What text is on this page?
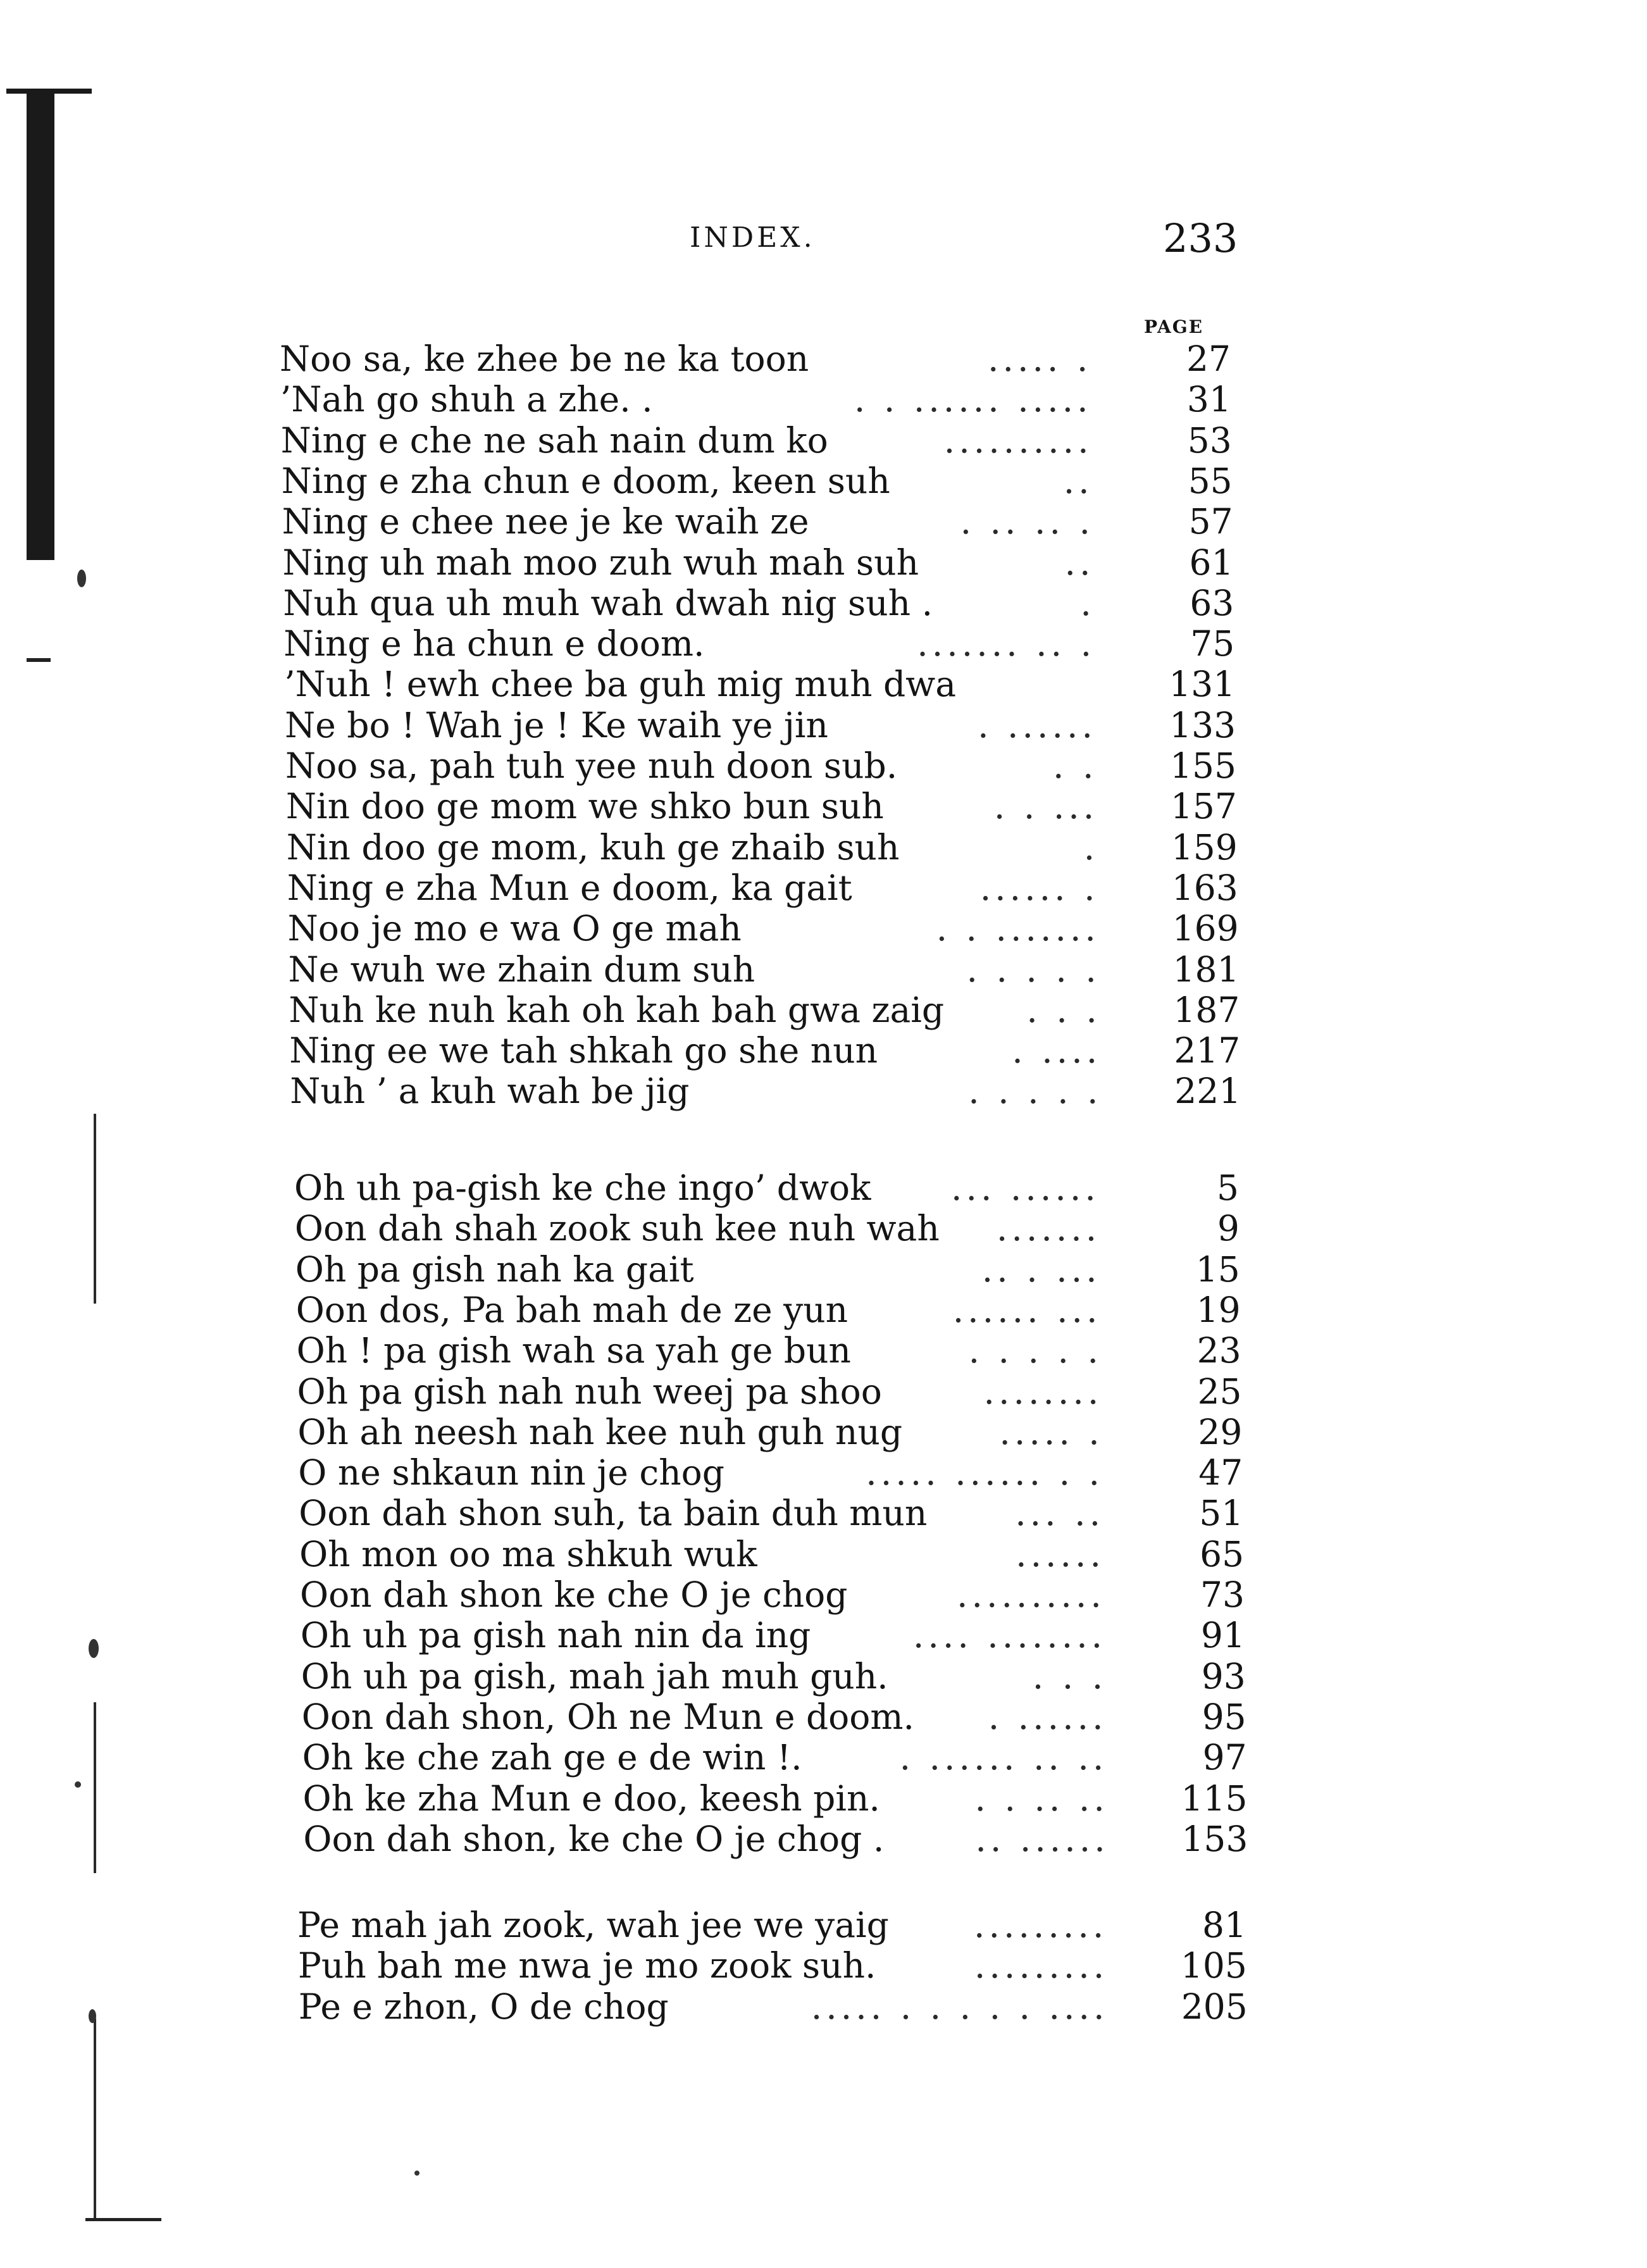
INDEX.	233
PAGE
Noo sa, ke zhee be ne ka toon	..... .	27
’Nah go shuh a zhe. .	. . ...... .....	31
Ning e che ne sah nain dum ko	..........	53
Ning e zha chun e doom, keen suh	..	55
Ning e chee nee je ke waih ze	. .. .. .	57
Ning uh mah moo zuh wuh mah suh	..	61
Nuh qua uh muh wah dwah nig suh .	.	63
Ning e ha chun e doom.	....... .. .	75
’Nuh ! ewh chee ba guh mig muh dwa	131
Ne bo ! Wah je ! Ke waih ye jin	. ......	133
Noo sa, pah tuh yee nuh doon sub.	. .	155
Nin doo ge mom we shko bun suh	. . ...	157
Nin doo ge mom, kuh ge zhaib suh	.	159
Ning e zha Mun e doom, ka gait	...... .	163
Noo je mo e wa O ge mah	. . .......	169
Ne wuh we zhain dum suh	. . . . .	181
Nuh ke nuh kah oh kah bah gwa zaig . . .	187
Ning ee we tah shkah go she nun	. ....	217
Nuh ’ a kuh wah be jig	. . . . .	221
Oh uh pa-gish ke che ingo’ dwok ... ......	5
Oon dah shah zook suh kee nuh wah .......	9
Oh pa gish nah ka gait	.. . ...	15
Oon dos, Pa bah mah de ze yun	...... ...	19
Oh ! pa gish wah sa yah ge bun	. . . . .	23
Oh pa gish nah nuh weej pa shoo	........	25
Oh ah neesh nah kee nuh guh nug	..... .	29
O ne shkaun nin je chog	..... ...... . .	47
Oon dah shon suh, ta bain duh mun	... ..	51
Oh mon oo ma shkuh wuk	......	65
Oon dah shon ke che O je chog	..........	73
Oh uh pa gish nah nin da ing	.... ........	91
Oh uh pa gish, mah jah muh guh.	. . .	93
Oon dah shon, Oh ne Mun e doom. . ......	95
Oh ke che zah ge e de win !.	. ...... .. ..	97
Oh ke zha Mun e doo, keesh pin.	. . .. ..	115
Oon dah shon, ke che O je chog .	.. ......	153
Pe mah jah zook, wah jee we yaig .........	81
Puh bah me nwa je mo zook suh.	.........	105
Pe e zhon, O de chog	..... . . . . . ....	205
